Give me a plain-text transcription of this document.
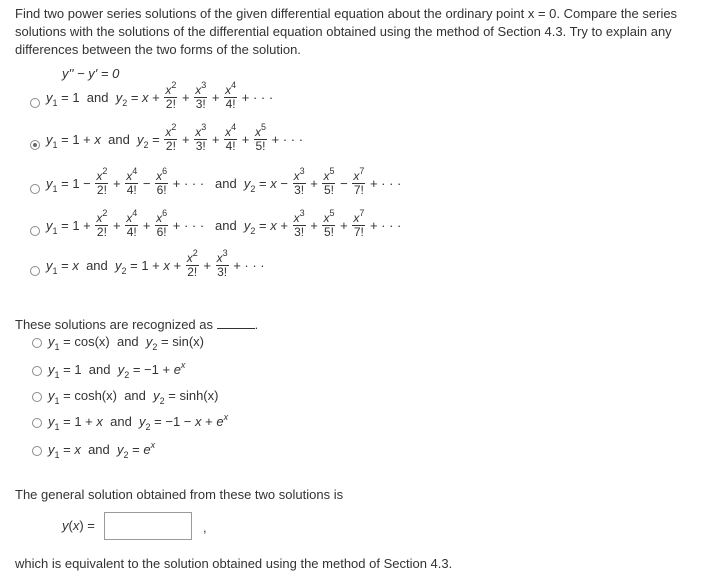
Find two power series solutions of the given differential equation about the ordinary point x = 0. Compare the series solutions with the solutions of the differential equation obtained using the method of Section 4.3. Try to explain any differences between the two forms of the solution.
y'' − y' = 0
$y_1 = 1$  and  $y_2 = x + \frac{x^2}{2!} + \frac{x^3}{3!} + \frac{x^4}{4!}$ + · · ·
$y_1 = 1 + x$  and  $y_2 = \frac{x^2}{2!} + \frac{x^3}{3!} + \frac{x^4}{4!} + \frac{x^5}{5!}$ + · · ·
$y_1 = 1 - \frac{x^2}{2!} + \frac{x^4}{4!} - \frac{x^6}{6!}$ + · · ·   and  $y_2 = x - \frac{x^3}{3!} + \frac{x^5}{5!} - \frac{x^7}{7!}$ + · · ·
$y_1 = 1 + \frac{x^2}{2!} + \frac{x^4}{4!} + \frac{x^6}{6!}$ + · · ·   and  $y_2 = x + \frac{x^3}{3!} + \frac{x^5}{5!} + \frac{x^7}{7!}$ + · · ·
$y_1 = x$  and  $y_2 = 1 + x + \frac{x^2}{2!} + \frac{x^3}{3!}$ + · · ·
These solutions are recognized as	.
$y_1 = \cos(x)$  and  $y_2 = \sin(x)$
$y_1 = 1$  and  $y_2 = -1 + e^x$
$y_1 = \cosh(x)$  and  $y_2 = \sinh(x)$
$y_1 = 1 + x$  and  $y_2 = -1 - x + e^x$
$y_1 = x$  and  $y_2 = e^x$
The general solution obtained from these two solutions is
y(x) =	,
which is equivalent to the solution obtained using the method of Section 4.3.
